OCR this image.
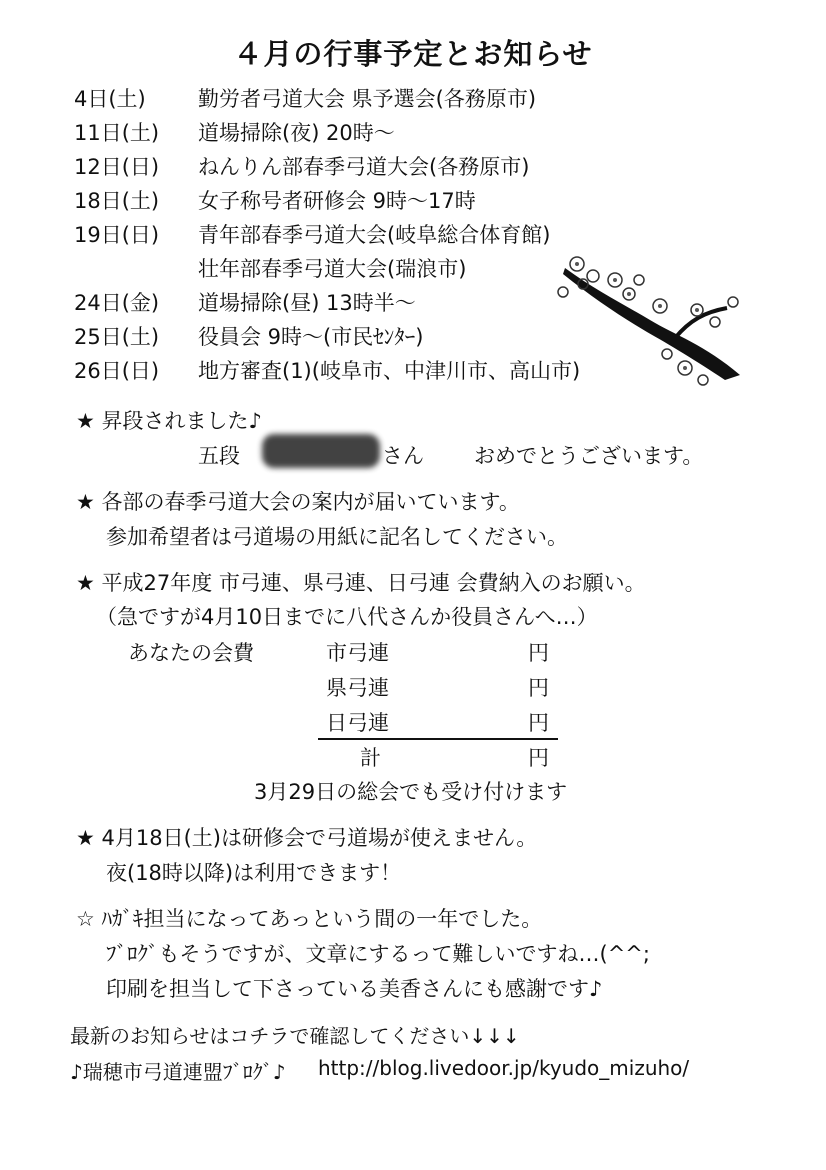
４月の行事予定とお知らせ
4日(土) 勤労者弓道大会 県予選会(各務原市)
11日(土) 道場掃除(夜) 20時～
12日(日) ねんりん部春季弓道大会(各務原市)
18日(土) 女子称号者研修会 9時～17時
19日(日) 青年部春季弓道大会(岐阜総合体育館)
壮年部春季弓道大会(瑞浪市)
24日(金) 道場掃除(昼) 13時半～
25日(土) 役員会 9時～(市民ｾﾝﾀｰ)
26日(日) 地方審査(1)(岐阜市、中津川市、高山市)
★ 昇段されました♪
五段	さん おめでとうございます。
★ 各部の春季弓道大会の案内が届いています。
参加希望者は弓道場の用紙に記名してください。
★ 平成27年度 市弓連、県弓連、日弓連 会費納入のお願い。
（急ですが4月10日までに八代さんか役員さんへ…）
あなたの会費	市弓連	円
県弓連	円
日弓連	円
計	円
3月29日の総会でも受け付けます
★ 4月18日(土)は研修会で弓道場が使えません。
夜(18時以降)は利用できます！
☆ ﾊｶﾞｷ担当になってあっという間の一年でした。
ﾌﾞﾛｸﾞもそうですが、文章にするって難しいですね…(^^;
印刷を担当して下さっている美香さんにも感謝です♪
最新のお知らせはコチラで確認してください↓↓↓
♪瑞穂市弓道連盟ﾌﾞﾛｸﾞ♪ http://blog.livedoor.jp/kyudo_mizuho/
